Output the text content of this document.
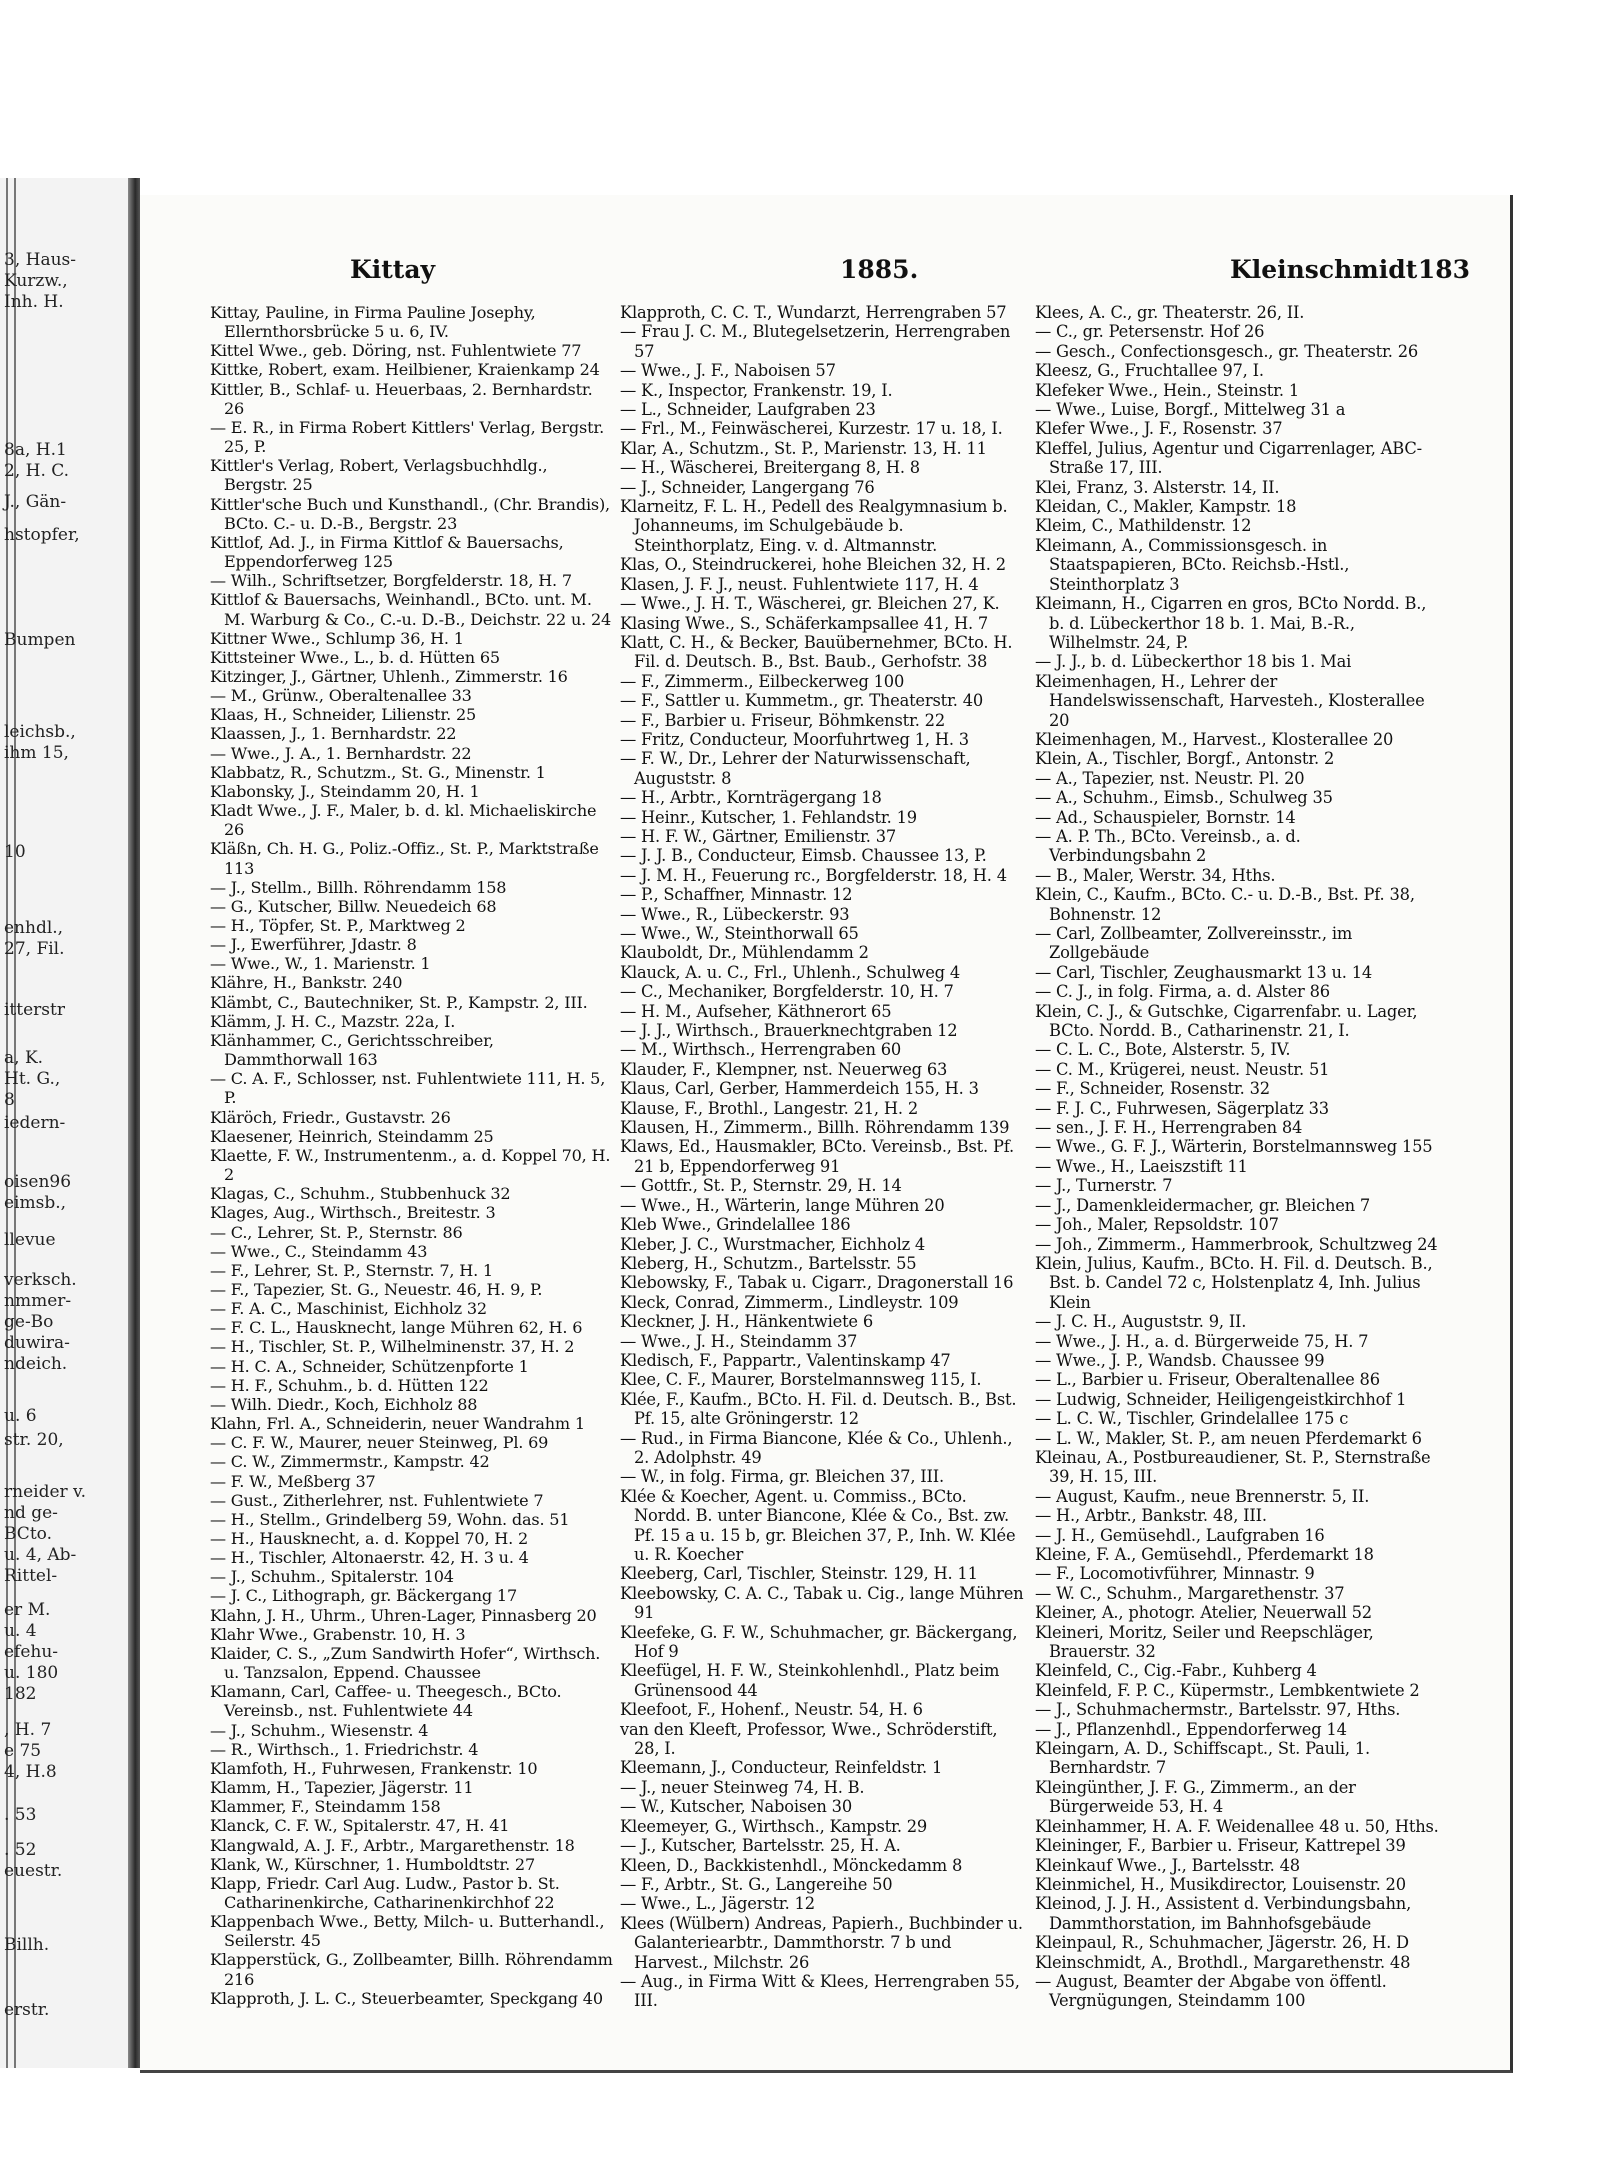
3, Haus-
Kurzw.,
Inh. H.
8a, H.1
2, H. C.
J., Gän-
hstopfer,
Bumpen
leichsb.,
ihm 15,
10
enhdl.,
27, Fil.
itterstr
a, K.
Ht. G.,
8
iedern-
oisen96
eimsb.,
llevue
verksch.
nmmer-
ge-Bo
duwira-
ndeich.
u. 6
str. 20,
rneider v.
nd ge-
BCto.
u. 4, Ab-
Rittel-
er M.
u. 4
efehu-
u. 180
182
, H. 7
e 75
4, H.8
. 53
. 52
euestr.
Billh.
erstr.
Kittay	1885.	Kleinschmidt 183

Kittay, Pauline, in Firma Pauline Josephy, Ellernthorsbrücke 5 u. 6, IV.

Kittel Wwe., geb. Döring, nst. Fuhlentwiete 77

Kittke, Robert, exam. Heilbiener, Kraienkamp 24

Kittler, B., Schlaf- u. Heuerbaas, 2. Bernhardstr. 26

— E. R., in Firma Robert Kittlers' Verlag, Bergstr. 25, P.

Kittler's Verlag, Robert, Verlagsbuchhdlg., Bergstr. 25

Kittler'sche Buch und Kunsthandl., (Chr. Brandis), BCto. C.- u. D.-B., Bergstr. 23

Kittlof, Ad. J., in Firma Kittlof & Bauersachs, Eppendorferweg 125

— Wilh., Schriftsetzer, Borgfelderstr. 18, H. 7

Kittlof & Bauersachs, Weinhandl., BCto. unt. M. M. Warburg & Co., C.-u. D.-B., Deichstr. 22 u. 24

Kittner Wwe., Schlump 36, H. 1

Kittsteiner Wwe., L., b. d. Hütten 65

Kitzinger, J., Gärtner, Uhlenh., Zimmerstr. 16

— M., Grünw., Oberaltenallee 33

Klaas, H., Schneider, Lilienstr. 25

Klaassen, J., 1. Bernhardstr. 22

— Wwe., J. A., 1. Bernhardstr. 22

Klabbatz, R., Schutzm., St. G., Minenstr. 1

Klabonsky, J., Steindamm 20, H. 1

Kladt Wwe., J. F., Maler, b. d. kl. Michaeliskirche 26

Kläßn, Ch. H. G., Poliz.-Offiz., St. P., Marktstraße 113

— J., Stellm., Billh. Röhrendamm 158

— G., Kutscher, Billw. Neuedeich 68

— H., Töpfer, St. P., Marktweg 2

— J., Ewerführer, Jdastr. 8

— Wwe., W., 1. Marienstr. 1

Klähre, H., Bankstr. 240

Klämbt, C., Bautechniker, St. P., Kampstr. 2, III.

Klämm, J. H. C., Mazstr. 22a, I.

Klänhammer, C., Gerichtsschreiber, Dammthorwall 163

— C. A. F., Schlosser, nst. Fuhlentwiete 111, H. 5, P.

Kläröch, Friedr., Gustavstr. 26

Klaesener, Heinrich, Steindamm 25

Klaette, F. W., Instrumentenm., a. d. Koppel 70, H. 2

Klagas, C., Schuhm., Stubbenhuck 32

Klages, Aug., Wirthsch., Breitestr. 3

— C., Lehrer, St. P., Sternstr. 86

— Wwe., C., Steindamm 43

— F., Lehrer, St. P., Sternstr. 7, H. 1

— F., Tapezier, St. G., Neuestr. 46, H. 9, P.

— F. A. C., Maschinist, Eichholz 32

— F. C. L., Hausknecht, lange Mühren 62, H. 6

— H., Tischler, St. P., Wilhelminenstr. 37, H. 2

— H. C. A., Schneider, Schützenpforte 1

— H. F., Schuhm., b. d. Hütten 122

— Wilh. Diedr., Koch, Eichholz 88

Klahn, Frl. A., Schneiderin, neuer Wandrahm 1

— C. F. W., Maurer, neuer Steinweg, Pl. 69

— C. W., Zimmermstr., Kampstr. 42

— F. W., Meßberg 37

— Gust., Zitherlehrer, nst. Fuhlentwiete 7

— H., Stellm., Grindelberg 59, Wohn. das. 51

— H., Hausknecht, a. d. Koppel 70, H. 2

— H., Tischler, Altonaerstr. 42, H. 3 u. 4

— J., Schuhm., Spitalerstr. 104

— J. C., Lithograph, gr. Bäckergang 17

Klahn, J. H., Uhrm., Uhren-Lager, Pinnasberg 20

Klahr Wwe., Grabenstr. 10, H. 3

Klaider, C. S., „Zum Sandwirth Hofer“, Wirthsch. u. Tanzsalon, Eppend. Chaussee

Klamann, Carl, Caffee- u. Theegesch., BCto. Vereinsb., nst. Fuhlentwiete 44

— J., Schuhm., Wiesenstr. 4

— R., Wirthsch., 1. Friedrichstr. 4

Klamfoth, H., Fuhrwesen, Frankenstr. 10

Klamm, H., Tapezier, Jägerstr. 11

Klammer, F., Steindamm 158

Klanck, C. F. W., Spitalerstr. 47, H. 41

Klangwald, A. J. F., Arbtr., Margarethenstr. 18

Klank, W., Kürschner, 1. Humboldtstr. 27

Klapp, Friedr. Carl Aug. Ludw., Pastor b. St. Catharinenkirche, Catharinenkirchhof 22

Klappenbach Wwe., Betty, Milch- u. Butterhandl., Seilerstr. 45

Klapperstück, G., Zollbeamter, Billh. Röhrendamm 216

Klapproth, J. L. C., Steuerbeamter, Speckgang 40

Klapproth, C. C. T., Wundarzt, Herrengraben 57

— Frau J. C. M., Blutegelsetzerin, Herrengraben 57

— Wwe., J. F., Naboisen 57

— K., Inspector, Frankenstr. 19, I.

— L., Schneider, Laufgraben 23

— Frl., M., Feinwäscherei, Kurzestr. 17 u. 18, I.

Klar, A., Schutzm., St. P., Marienstr. 13, H. 11

— H., Wäscherei, Breitergang 8, H. 8

— J., Schneider, Langergang 76

Klarneitz, F. L. H., Pedell des Realgymnasium b. Johanneums, im Schulgebäude b. Steinthorplatz, Eing. v. d. Altmannstr.

Klas, O., Steindruckerei, hohe Bleichen 32, H. 2

Klasen, J. F. J., neust. Fuhlentwiete 117, H. 4

— Wwe., J. H. T., Wäscherei, gr. Bleichen 27, K.

Klasing Wwe., S., Schäferkampsallee 41, H. 7

Klatt, C. H., & Becker, Bauübernehmer, BCto. H. Fil. d. Deutsch. B., Bst. Baub., Gerhofstr. 38

— F., Zimmerm., Eilbeckerweg 100

— F., Sattler u. Kummetm., gr. Theaterstr. 40

— F., Barbier u. Friseur, Böhmkenstr. 22

— Fritz, Conducteur, Moorfuhrtweg 1, H. 3

— F. W., Dr., Lehrer der Naturwissenschaft, Auguststr. 8

— H., Arbtr., Kornträgergang 18

— Heinr., Kutscher, 1. Fehlandstr. 19

— H. F. W., Gärtner, Emilienstr. 37

— J. J. B., Conducteur, Eimsb. Chaussee 13, P.

— J. M. H., Feuerung rc., Borgfelderstr. 18, H. 4

— P., Schaffner, Minnastr. 12

— Wwe., R., Lübeckerstr. 93

— Wwe., W., Steinthorwall 65

Klauboldt, Dr., Mühlendamm 2

Klauck, A. u. C., Frl., Uhlenh., Schulweg 4

— C., Mechaniker, Borgfelderstr. 10, H. 7

— H. M., Aufseher, Käthnerort 65

— J. J., Wirthsch., Brauerknechtgraben 12

— M., Wirthsch., Herrengraben 60

Klauder, F., Klempner, nst. Neuerweg 63

Klaus, Carl, Gerber, Hammerdeich 155, H. 3

Klause, F., Brothl., Langestr. 21, H. 2

Klausen, H., Zimmerm., Billh. Röhrendamm 139

Klaws, Ed., Hausmakler, BCto. Vereinsb., Bst. Pf. 21 b, Eppendorferweg 91

— Gottfr., St. P., Sternstr. 29, H. 14

— Wwe., H., Wärterin, lange Mühren 20

Kleb Wwe., Grindelallee 186

Kleber, J. C., Wurstmacher, Eichholz 4

Kleberg, H., Schutzm., Bartelsstr. 55

Klebowsky, F., Tabak u. Cigarr., Dragonerstall 16

Kleck, Conrad, Zimmerm., Lindleystr. 109

Kleckner, J. H., Hänkentwiete 6

— Wwe., J. H., Steindamm 37

Kledisch, F., Pappartr., Valentinskamp 47

Klee, C. F., Maurer, Borstelmannsweg 115, I.

Klée, F., Kaufm., BCto. H. Fil. d. Deutsch. B., Bst. Pf. 15, alte Gröningerstr. 12

— Rud., in Firma Biancone, Klée & Co., Uhlenh., 2. Adolphstr. 49

— W., in folg. Firma, gr. Bleichen 37, III.

Klée & Koecher, Agent. u. Commiss., BCto. Nordd. B. unter Biancone, Klée & Co., Bst. zw. Pf. 15 a u. 15 b, gr. Bleichen 37, P., Inh. W. Klée u. R. Koecher

Kleeberg, Carl, Tischler, Steinstr. 129, H. 11

Kleebowsky, C. A. C., Tabak u. Cig., lange Mühren 91

Kleefeke, G. F. W., Schuhmacher, gr. Bäckergang, Hof 9

Kleefügel, H. F. W., Steinkohlenhdl., Platz beim Grünensood 44

Kleefoot, F., Hohenf., Neustr. 54, H. 6

van den Kleeft, Professor, Wwe., Schröderstift, 28, I.

Kleemann, J., Conducteur, Reinfeldstr. 1

— J., neuer Steinweg 74, H. B.

— W., Kutscher, Naboisen 30

Kleemeyer, G., Wirthsch., Kampstr. 29

— J., Kutscher, Bartelsstr. 25, H. A.

Kleen, D., Backkistenhdl., Mönckedamm 8

— F., Arbtr., St. G., Langereihe 50

— Wwe., L., Jägerstr. 12

Klees (Wülbern) Andreas, Papierh., Buchbinder u. Galanteriearbtr., Dammthorstr. 7 b und Harvest., Milchstr. 26

— Aug., in Firma Witt & Klees, Herrengraben 55, III.

Klees, A. C., gr. Theaterstr. 26, II.

— C., gr. Petersenstr. Hof 26

— Gesch., Confectionsgesch., gr. Theaterstr. 26

Kleesz, G., Fruchtallee 97, I.

Klefeker Wwe., Hein., Steinstr. 1

— Wwe., Luise, Borgf., Mittelweg 31 a

Klefer Wwe., J. F., Rosenstr. 37

Kleffel, Julius, Agentur und Cigarrenlager, ABC-Straße 17, III.

Klei, Franz, 3. Alsterstr. 14, II.

Kleidan, C., Makler, Kampstr. 18

Kleim, C., Mathildenstr. 12

Kleimann, A., Commissionsgesch. in Staatspapieren, BCto. Reichsb.-Hstl., Steinthorplatz 3

Kleimann, H., Cigarren en gros, BCto Nordd. B., b. d. Lübeckerthor 18 b. 1. Mai, B.-R., Wilhelmstr. 24, P.

— J. J., b. d. Lübeckerthor 18 bis 1. Mai

Kleimenhagen, H., Lehrer der Handelswissenschaft, Harvesteh., Klosterallee 20

Kleimenhagen, M., Harvest., Klosterallee 20

Klein, A., Tischler, Borgf., Antonstr. 2

— A., Tapezier, nst. Neustr. Pl. 20

— A., Schuhm., Eimsb., Schulweg 35

— Ad., Schauspieler, Bornstr. 14

— A. P. Th., BCto. Vereinsb., a. d. Verbindungsbahn 2

— B., Maler, Werstr. 34, Hths.

Klein, C., Kaufm., BCto. C.- u. D.-B., Bst. Pf. 38, Bohnenstr. 12

— Carl, Zollbeamter, Zollvereinsstr., im Zollgebäude

— Carl, Tischler, Zeughausmarkt 13 u. 14

— C. J., in folg. Firma, a. d. Alster 86

Klein, C. J., & Gutschke, Cigarrenfabr. u. Lager, BCto. Nordd. B., Catharinenstr. 21, I.

— C. L. C., Bote, Alsterstr. 5, IV.

— C. M., Krügerei, neust. Neustr. 51

— F., Schneider, Rosenstr. 32

— F. J. C., Fuhrwesen, Sägerplatz 33

— sen., J. F. H., Herrengraben 84

— Wwe., G. F. J., Wärterin, Borstelmannsweg 155

— Wwe., H., Laeiszstift 11

— J., Turnerstr. 7

— J., Damenkleidermacher, gr. Bleichen 7

— Joh., Maler, Repsoldstr. 107

— Joh., Zimmerm., Hammerbrook, Schultzweg 24

Klein, Julius, Kaufm., BCto. H. Fil. d. Deutsch. B., Bst. b. Candel 72 c, Holstenplatz 4, Inh. Julius Klein

— J. C. H., Auguststr. 9, II.

— Wwe., J. H., a. d. Bürgerweide 75, H. 7

— Wwe., J. P., Wandsb. Chaussee 99

— L., Barbier u. Friseur, Oberaltenallee 86

— Ludwig, Schneider, Heiligengeistkirchhof 1

— L. C. W., Tischler, Grindelallee 175 c

— L. W., Makler, St. P., am neuen Pferdemarkt 6

Kleinau, A., Postbureaudiener, St. P., Sternstraße 39, H. 15, III.

— August, Kaufm., neue Brennerstr. 5, II.

— H., Arbtr., Bankstr. 48, III.

— J. H., Gemüsehdl., Laufgraben 16

Kleine, F. A., Gemüsehdl., Pferdemarkt 18

— F., Locomotivführer, Minnastr. 9

— W. C., Schuhm., Margarethenstr. 37

Kleiner, A., photogr. Atelier, Neuerwall 52

Kleineri, Moritz, Seiler und Reepschläger, Brauerstr. 32

Kleinfeld, C., Cig.-Fabr., Kuhberg 4

Kleinfeld, F. P. C., Küpermstr., Lembkentwiete 2

— J., Schuhmachermstr., Bartelsstr. 97, Hths.

— J., Pflanzenhdl., Eppendorferweg 14

Kleingarn, A. D., Schiffscapt., St. Pauli, 1. Bernhardstr. 7

Kleingünther, J. F. G., Zimmerm., an der Bürgerweide 53, H. 4

Kleinhammer, H. A. F. Weidenallee 48 u. 50, Hths.

Kleininger, F., Barbier u. Friseur, Kattrepel 39

Kleinkauf Wwe., J., Bartelsstr. 48

Kleinmichel, H., Musikdirector, Louisenstr. 20

Kleinod, J. J. H., Assistent d. Verbindungsbahn, Dammthorstation, im Bahnhofsgebäude

Kleinpaul, R., Schuhmacher, Jägerstr. 26, H. D

Kleinschmidt, A., Brothdl., Margarethenstr. 48

— August, Beamter der Abgabe von öffentl. Vergnügungen, Steindamm 100
